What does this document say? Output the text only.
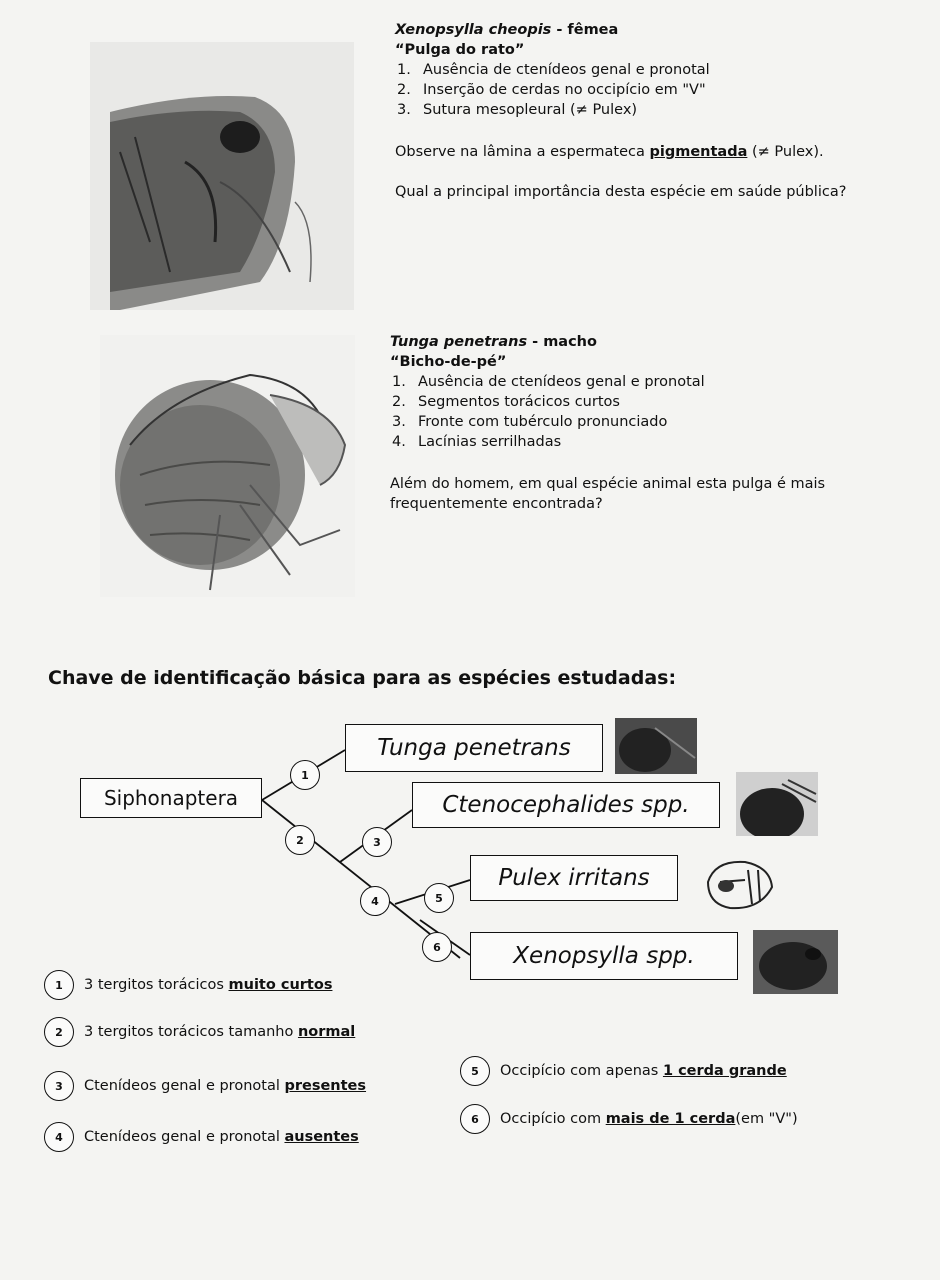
Xenopsylla cheopis - fêmea
“Pulga do rato”
1. Ausência de ctenídeos genal e pronotal
2. Inserção de cerdas no occipício em "V"
3. Sutura mesopleural (≠ Pulex)
Observe na lâmina a espermateca pigmentada (≠ Pulex).
Qual a principal importância desta espécie em saúde pública?
Tunga penetrans - macho
“Bicho-de-pé”
1. Ausência de ctenídeos genal e pronotal
2. Segmentos torácicos curtos
3. Fronte com tubérculo pronunciado
4. Lacínias serrilhadas
Além do homem, em qual espécie animal esta pulga é mais frequentemente encontrada?
Chave de identificação básica para as espécies estudadas:
Siphonaptera
Tunga penetrans
Ctenocephalides spp.
Pulex irritans
Xenopsylla spp.
1
2	3
4	5
6
1	3 tergitos torácicos
muito curtos
2	3 tergitos torácicos tamanho
normal
3	Ctenídeos genal e pronotal
presentes
4	Ctenídeos genal e pronotal
ausentes
5	Occipício com apenas
1 cerda grande
6	Occipício com
mais de 1 cerda (em "V")
